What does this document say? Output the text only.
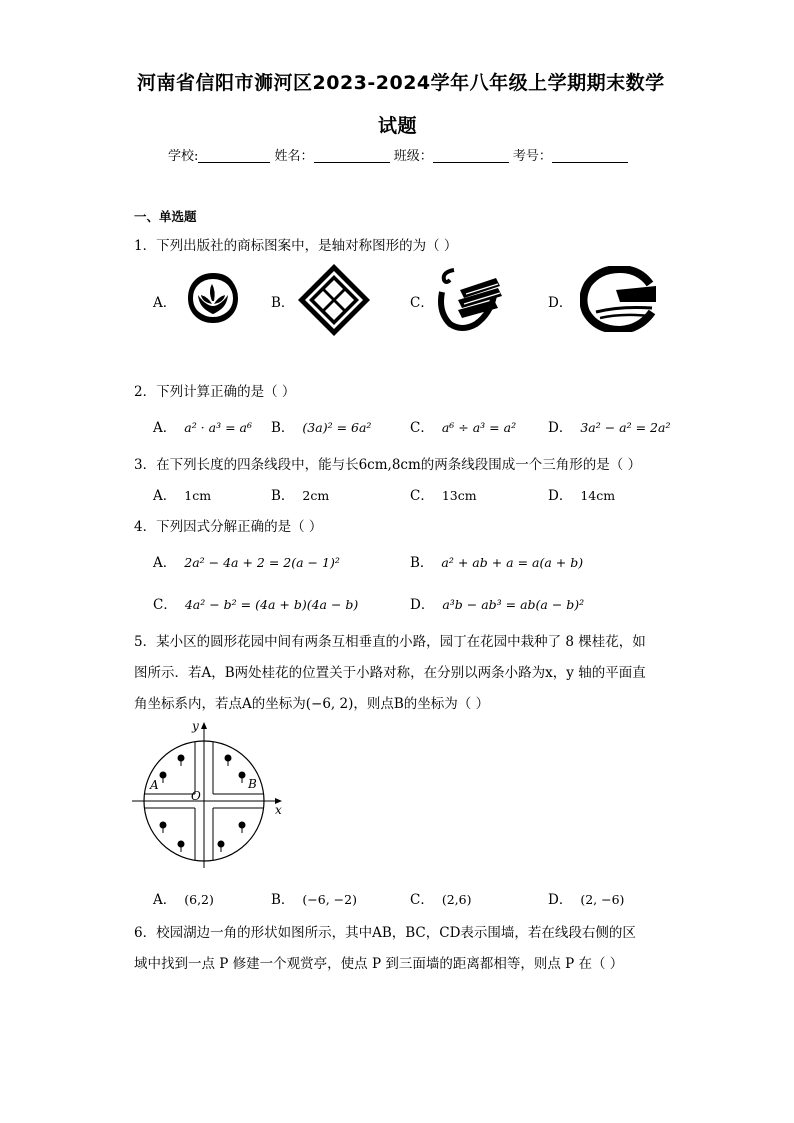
河南省信阳市浉河区2023-2024学年八年级上学期期末数学
试题
学校:	姓名：	班级：	考号：
一、单选题
1．下列出版社的商标图案中，是轴对称图形的为（ ）
A．	B．	C．	D．
2．下列计算正确的是（ ）
A． a² · a³ = a⁶ B． (3a)² = 6a²	C． a⁶ ÷ a³ = a² D． 3a² − a² = 2a²
3．在下列长度的四条线段中，能与长6cm,8cm的两条线段围成一个三角形的是（ ）
A． 1cm	B． 2cm	C． 13cm	D． 14cm
4．下列因式分解正确的是（ ）
A． 2a² − 4a + 2 = 2(a − 1)²	B． a² + ab + a = a(a + b)
C． 4a² − b² = (4a + b)(4a − b)	D． a³b − ab³ = ab(a − b)²
5．某小区的圆形花园中间有两条互相垂直的小路，园丁在花园中栽种了 8 棵桂花，如
图所示．若A，B两处桂花的位置关于小路对称，在分别以两条小路为x，y 轴的平面直
角坐标系内，若点A的坐标为(−6, 2)，则点B的坐标为（ ）
y
x
O
A	B
A． (6,2)	B． (−6, −2)	C． (2,6)	D． (2, −6)
6．校园湖边一角的形状如图所示，其中AB，BC，CD表示围墙，若在线段右侧的区
域中找到一点 P 修建一个观赏亭，使点 P 到三面墙的距离都相等，则点 P 在（ ）
